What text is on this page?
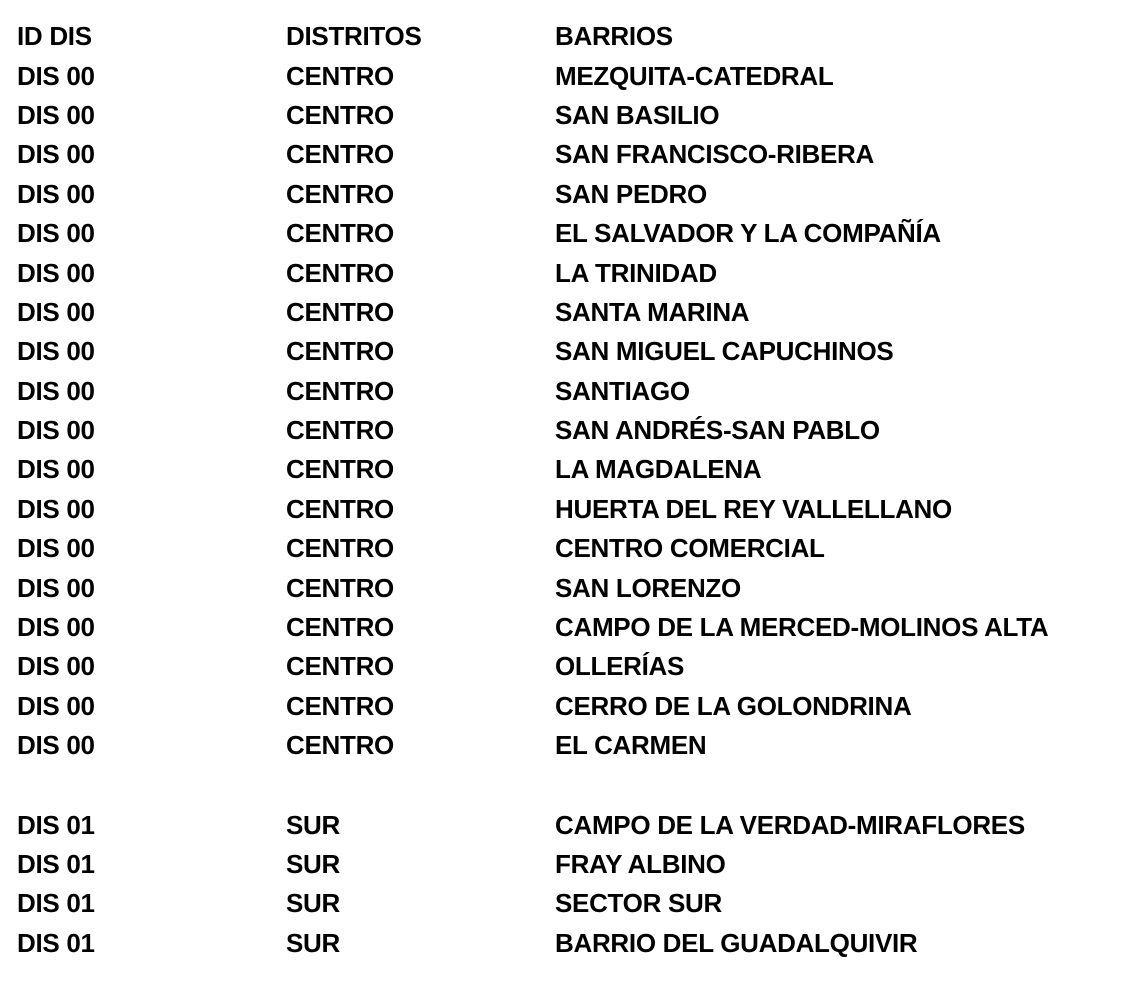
ID DIS	DISTRITOS	BARRIOS
DIS 00	CENTRO	MEZQUITA-CATEDRAL
DIS 00	CENTRO	SAN BASILIO
DIS 00	CENTRO	SAN FRANCISCO-RIBERA
DIS 00	CENTRO	SAN PEDRO
DIS 00	CENTRO	EL SALVADOR Y LA COMPAÑÍA
DIS 00	CENTRO	LA TRINIDAD
DIS 00	CENTRO	SANTA MARINA
DIS 00	CENTRO	SAN MIGUEL CAPUCHINOS
DIS 00	CENTRO	SANTIAGO
DIS 00	CENTRO	SAN ANDRÉS-SAN PABLO
DIS 00	CENTRO	LA MAGDALENA
DIS 00	CENTRO	HUERTA DEL REY VALLELLANO
DIS 00	CENTRO	CENTRO COMERCIAL
DIS 00	CENTRO	SAN LORENZO
DIS 00	CENTRO	CAMPO DE LA MERCED-MOLINOS ALTA
DIS 00	CENTRO	OLLERÍAS
DIS 00	CENTRO	CERRO DE LA GOLONDRINA
DIS 00	CENTRO	EL CARMEN
DIS 01	SUR	CAMPO DE LA VERDAD-MIRAFLORES
DIS 01	SUR	FRAY ALBINO
DIS 01	SUR	SECTOR SUR
DIS 01	SUR	BARRIO DEL GUADALQUIVIR
